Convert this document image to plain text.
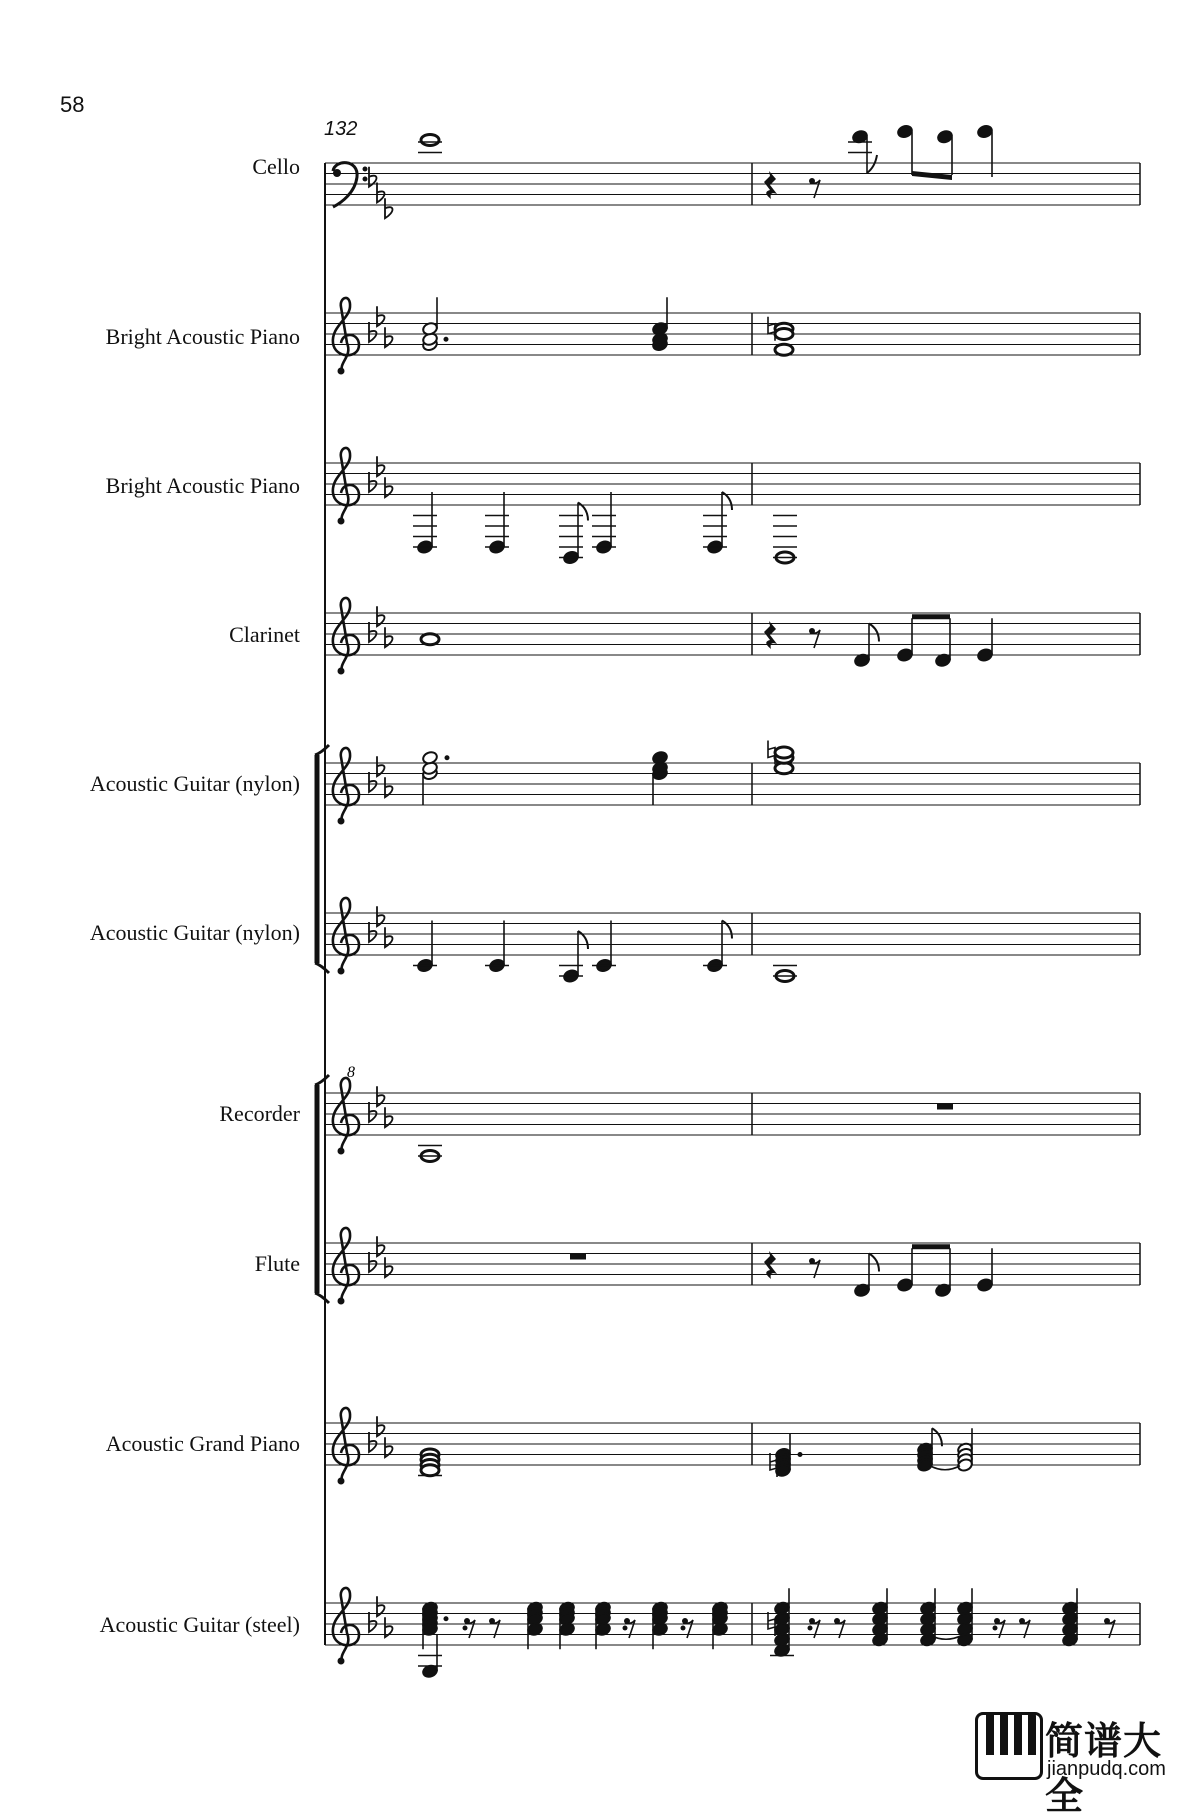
58
132
Cello
Bright Acoustic Piano
Bright Acoustic Piano
Clarinet
Acoustic Guitar (nylon)
Acoustic Guitar (nylon)
Recorder
Flute
Acoustic Grand Piano
Acoustic Guitar (steel)
8
简谱大全
jianpudq.com
